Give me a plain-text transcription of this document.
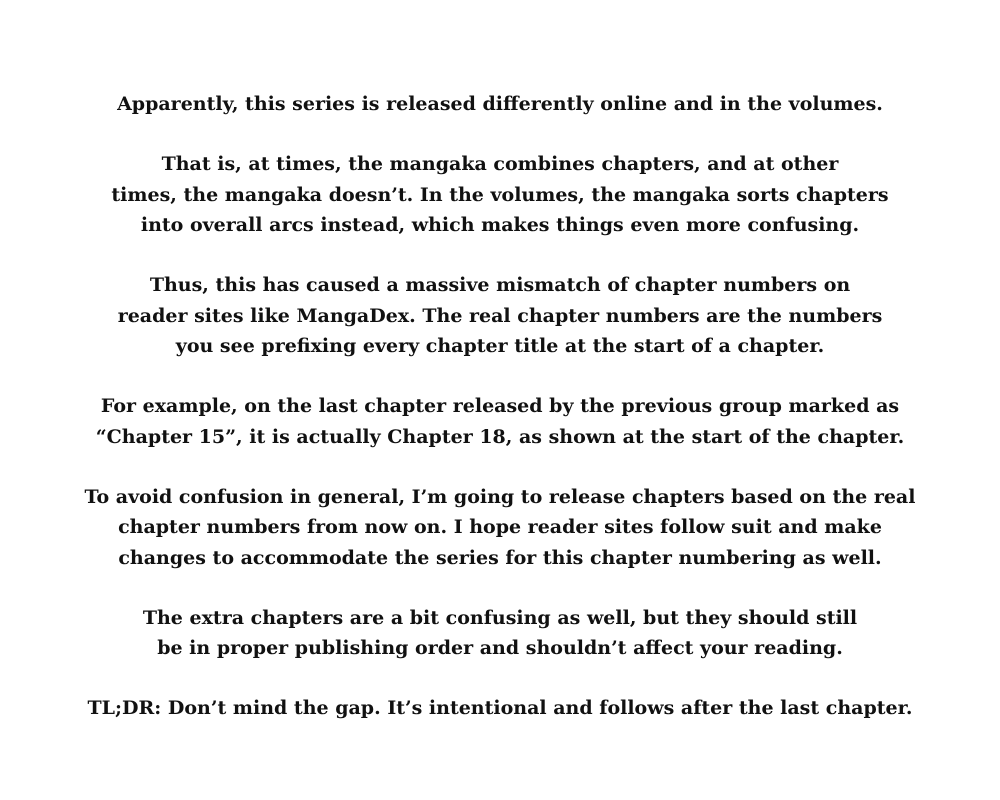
Apparently, this series is released differently online and in the volumes.

That is, at times, the mangaka combines chapters, and at other
times, the mangaka doesn’t. In the volumes, the mangaka sorts chapters
into overall arcs instead, which makes things even more confusing.

Thus, this has caused a massive mismatch of chapter numbers on
reader sites like MangaDex. The real chapter numbers are the numbers
you see prefixing every chapter title at the start of a chapter.

For example, on the last chapter released by the previous group marked as
“Chapter 15”, it is actually Chapter 18, as shown at the start of the chapter.

To avoid confusion in general, I’m going to release chapters based on the real
chapter numbers from now on. I hope reader sites follow suit and make
changes to accommodate the series for this chapter numbering as well.

The extra chapters are a bit confusing as well, but they should still
be in proper publishing order and shouldn’t affect your reading.

TL;DR: Don’t mind the gap. It’s intentional and follows after the last chapter.
